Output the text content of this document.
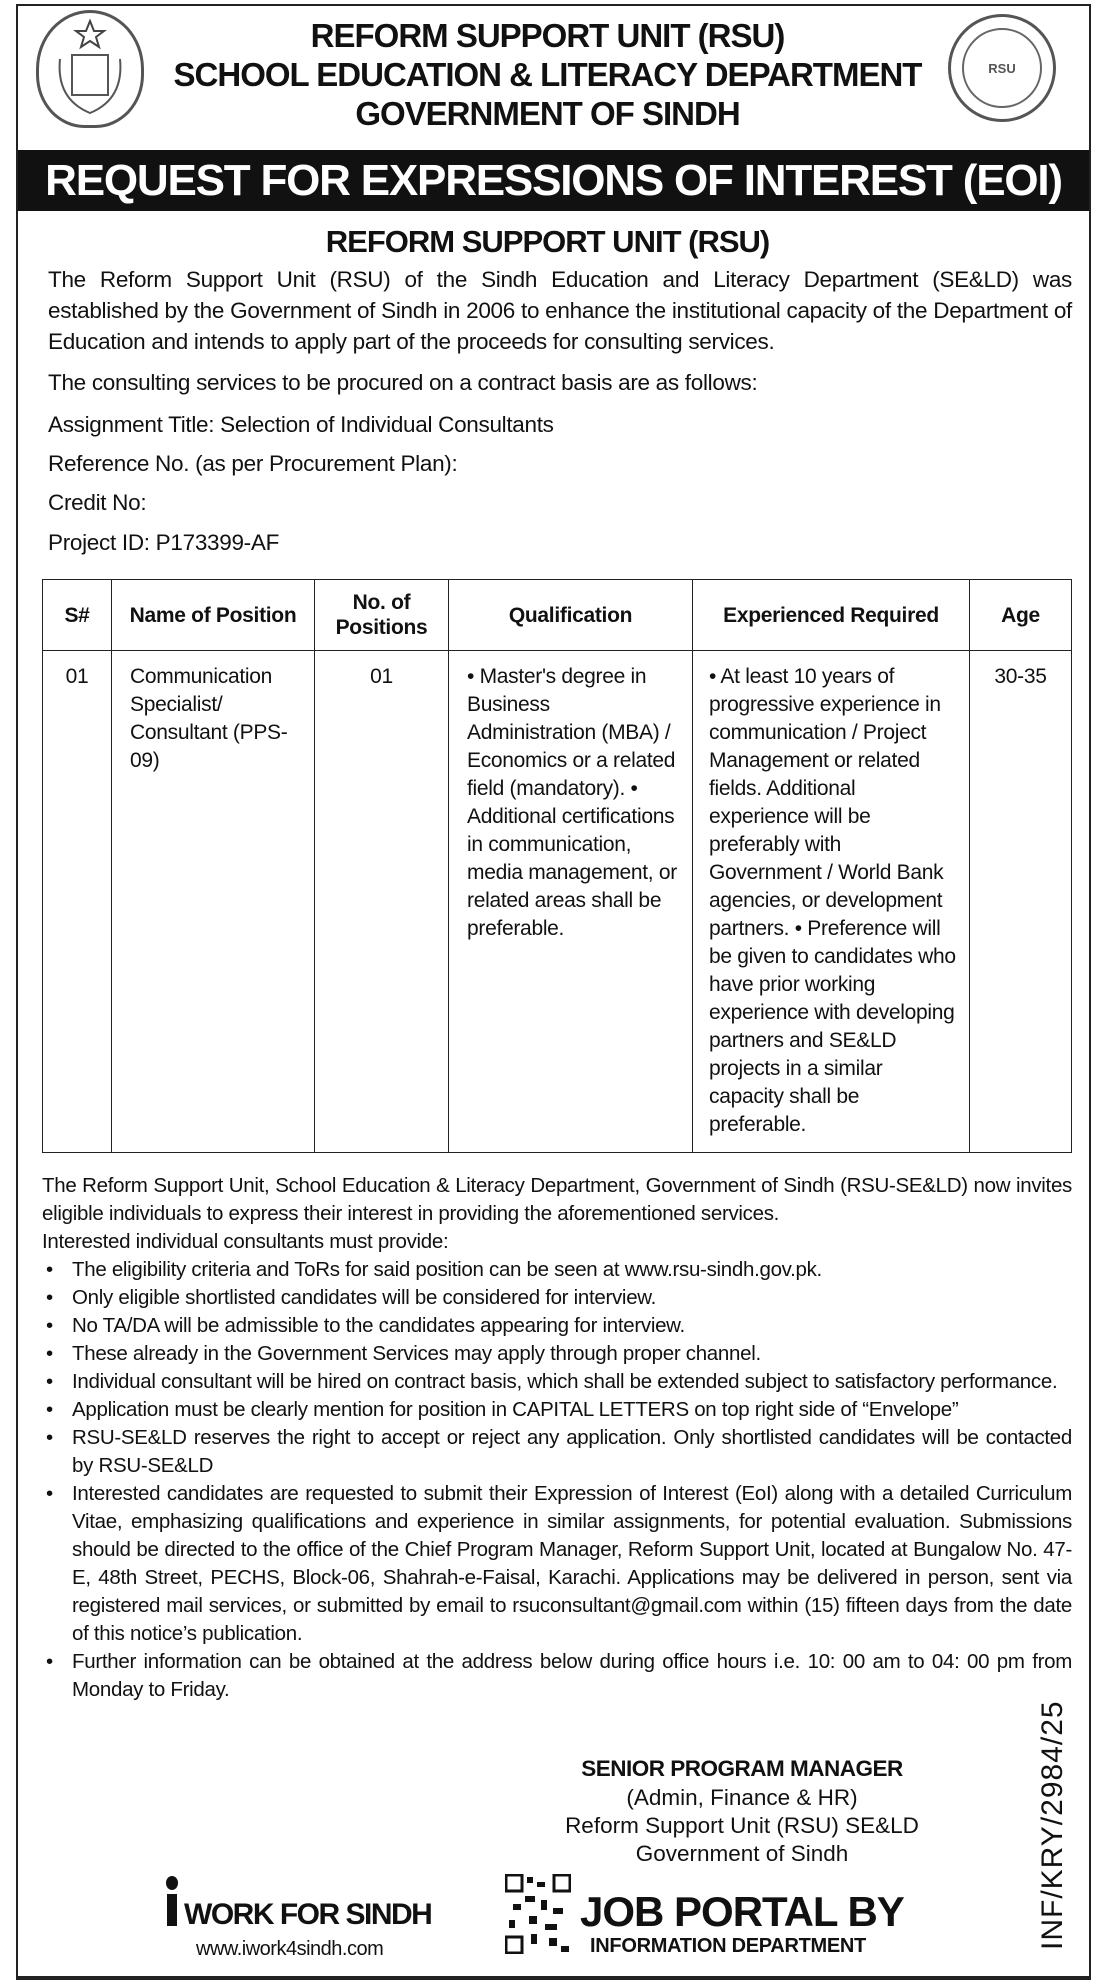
RSU
REFORM SUPPORT UNIT (RSU)
SCHOOL EDUCATION & LITERACY DEPARTMENT
GOVERNMENT OF SINDH
REQUEST FOR EXPRESSIONS OF INTEREST (EOI)
REFORM SUPPORT UNIT (RSU)
The Reform Support Unit (RSU) of the Sindh Education and Literacy Department (SE&LD) was established by the Government of Sindh in 2006 to enhance the institutional capacity of the Department of Education and intends to apply part of the proceeds for consulting services.
The consulting services to be procured on a contract basis are as follows:
Assignment Title: Selection of Individual Consultants
Reference No. (as per Procurement Plan):
Credit No:
Project ID: P173399-AF
S#	Name of Position	No. of Positions	Qualification	Experienced Required	Age
01	Communication Specialist/ Consultant (PPS-09)	01	• Master's degree in Business Administration (MBA) / Economics or a related field (mandatory). • Additional certifications in communication, media management, or related areas shall be preferable.	• At least 10 years of progressive experience in communication / Project Management or related fields. Additional experience will be preferably with Government / World Bank agencies, or development partners. • Preference will be given to candidates who have prior working experience with developing partners and SE&LD projects in a similar capacity shall be preferable.	30-35

The Reform Support Unit, School Education & Literacy Department, Government of Sindh (RSU-SE&LD) now invites eligible individuals to express their interest in providing the aforementioned services.

Interested individual consultants must provide:

• The eligibility criteria and ToRs for said position can be seen at www.rsu-sindh.gov.pk.
• Only eligible shortlisted candidates will be considered for interview.
• No TA/DA will be admissible to the candidates appearing for interview.
• These already in the Government Services may apply through proper channel.
• Individual consultant will be hired on contract basis, which shall be extended subject to satisfactory performance.
• Application must be clearly mention for position in CAPITAL LETTERS on top right side of “Envelope”
• RSU-SE&LD reserves the right to accept or reject any application. Only shortlisted candidates will be contacted by RSU-SE&LD
• Interested candidates are requested to submit their Expression of Interest (EoI) along with a detailed Curriculum Vitae, emphasizing qualifications and experience in similar assignments, for potential evaluation. Submissions should be directed to the office of the Chief Program Manager, Reform Support Unit, located at Bungalow No. 47-E, 48th Street, PECHS, Block-06, Shahrah-e-Faisal, Karachi. Applications may be delivered in person, sent via registered mail services, or submitted by email to rsuconsultant@gmail.com within (15) fifteen days from the date of this notice’s publication.
• Further information can be obtained at the address below during office hours i.e. 10: 00 am to 04: 00 pm from Monday to Friday.
SENIOR PROGRAM MANAGER
(Admin, Finance & HR)
Reform Support Unit (RSU) SE&LD
Government of Sindh
WORK FOR SINDH
www.iwork4sindh.com
JOB PORTAL BY
INFORMATION DEPARTMENT	INF/KRY/2984/25
